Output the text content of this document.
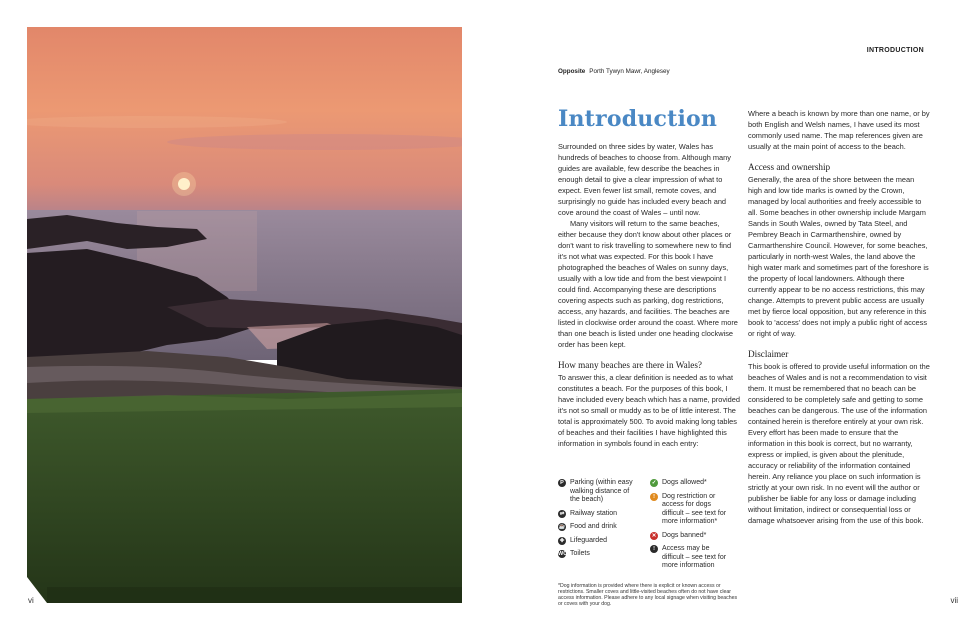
vi
INTRODUCTION
Opposite Porth Tywyn Mawr, Anglesey
Introduction

Surrounded on three sides by water, Wales has hundreds of beaches to choose from. Although many guides are available, few describe the beaches in enough detail to give a clear impression of what to expect. Even fewer list small, remote coves, and surprisingly no guide has included every beach and cove around the coast of Wales – until now.

Many visitors will return to the same beaches, either because they don't know about other places or don't want to risk travelling to somewhere new to find it's not what was expected. For this book I have photographed the beaches of Wales on sunny days, usually with a low tide and from the best viewpoint I could find. Accompanying these are descriptions covering aspects such as parking, dog restrictions, access, any hazards, and facilities. The beaches are listed in clockwise order around the coast. Where more than one beach is listed under one heading clockwise order has been kept.

How many beaches are there in Wales?

To answer this, a clear definition is needed as to what constitutes a beach. For the purposes of this book, I have included every beach which has a name, provided it's not so small or muddy as to be of little interest. The total is approximately 500. To avoid making long tables of beaches and their facilities I have highlighted this information in symbols found in each entry:

P Parking (within easy walking distance of the beach)
⇌ Railway station
☕ Food and drink
✚ Lifeguarded
WC Toilets
✓ Dogs allowed*
!	Dog restriction or access for dogs difficult – see text for more information*
✕ Dogs banned*
!	Access may be difficult – see text for more information
*Dog information is provided where there is explicit or known access or restrictions. Smaller coves and little-visited beaches often do not have clear access information. Please adhere to any local signage when visiting beaches or coves with your dog.

Where a beach is known by more than one name, or by both English and Welsh names, I have used its most commonly used name. The map references given are usually at the main point of access to the beach.

Access and ownership

Generally, the area of the shore between the mean high and low tide marks is owned by the Crown, managed by local authorities and freely accessible to all. Some beaches in other ownership include Margam Sands in South Wales, owned by Tata Steel, and Pembrey Beach in Carmarthenshire, owned by Carmarthenshire Council. However, for some beaches, particularly in north-west Wales, the land above the high water mark and sometimes part of the foreshore is the property of local landowners. Although there currently appear to be no access restrictions, this may change. Attempts to prevent public access are usually met by fierce local opposition, but any reference in this book to 'access' does not imply a public right of access or right of way.

Disclaimer

This book is offered to provide useful information on the beaches of Wales and is not a recommendation to visit them. It must be remembered that no beach can be considered to be completely safe and getting to some beaches can be dangerous. The use of the information contained herein is therefore entirely at your own risk. Every effort has been made to ensure that the information in this book is correct, but no warranty, express or implied, is given about the plenitude, accuracy or reliability of the information contained herein. Any reliance you place on such information is strictly at your own risk. In no event will the author or publisher be liable for any loss or damage including without limitation, indirect or consequential loss or damage whatsoever arising from the use of this book.

vii
